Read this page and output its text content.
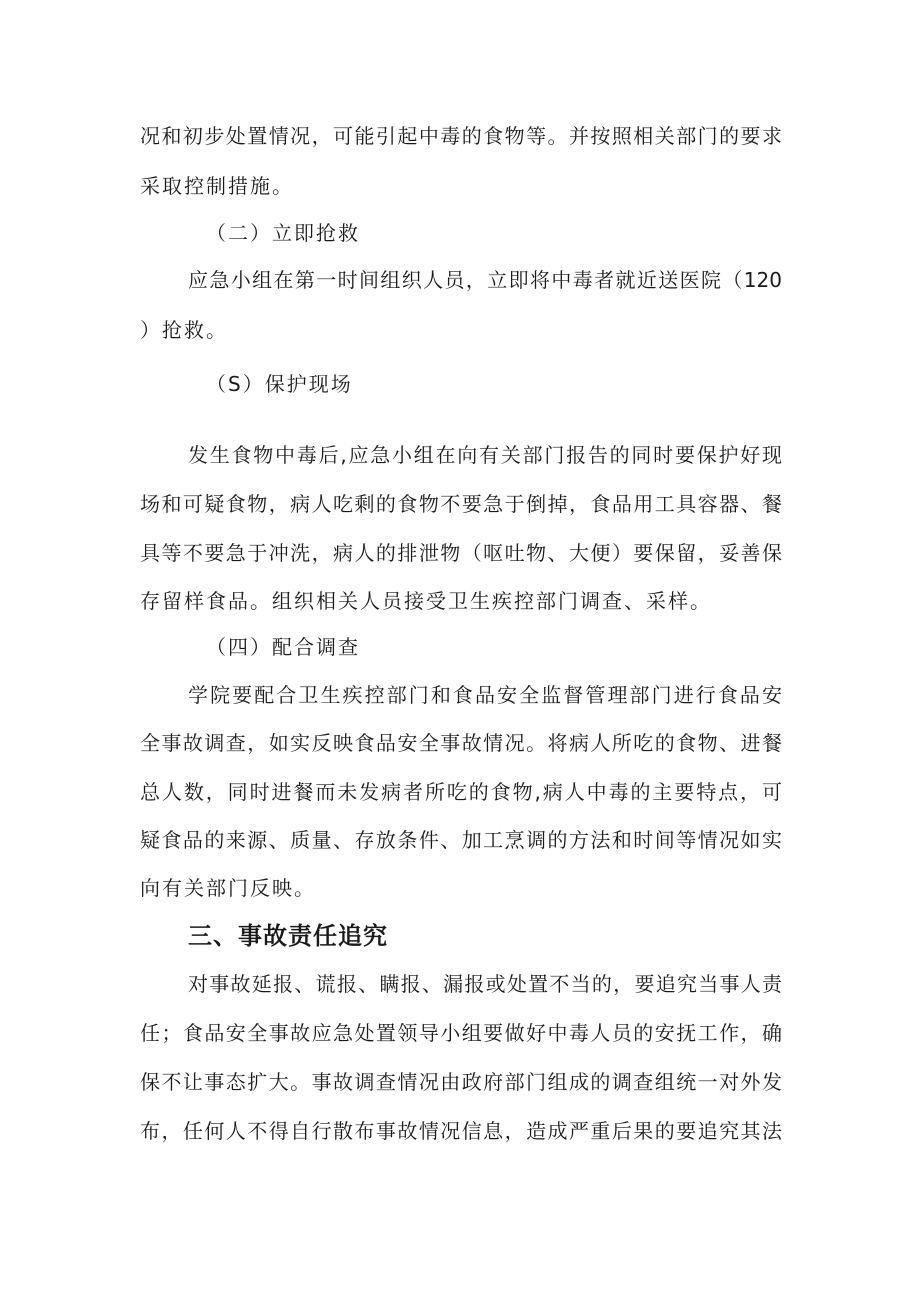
况和初步处置情况，可能引起中毒的食物等。并按照相关部门的要求
采取控制措施。
（二）立即抢救
应急小组在第一时间组织人员，立即将中毒者就近送医院（120
）抢救。
（S）保护现场
发生食物中毒后,应急小组在向有关部门报告的同时要保护好现
场和可疑食物，病人吃剩的食物不要急于倒掉，食品用工具容器、餐
具等不要急于冲洗，病人的排泄物（呕吐物、大便）要保留，妥善保
存留样食品。组织相关人员接受卫生疾控部门调查、采样。
（四）配合调查
学院要配合卫生疾控部门和食品安全监督管理部门进行食品安
全事故调查，如实反映食品安全事故情况。将病人所吃的食物、进餐
总人数，同时进餐而未发病者所吃的食物,病人中毒的主要特点，可
疑食品的来源、质量、存放条件、加工烹调的方法和时间等情况如实
向有关部门反映。
三、事故责任追究
对事故延报、谎报、瞒报、漏报或处置不当的，要追究当事人责
任；食品安全事故应急处置领导小组要做好中毒人员的安抚工作，确
保不让事态扩大。事故调查情况由政府部门组成的调查组统一对外发
布，任何人不得自行散布事故情况信息，造成严重后果的要追究其法
